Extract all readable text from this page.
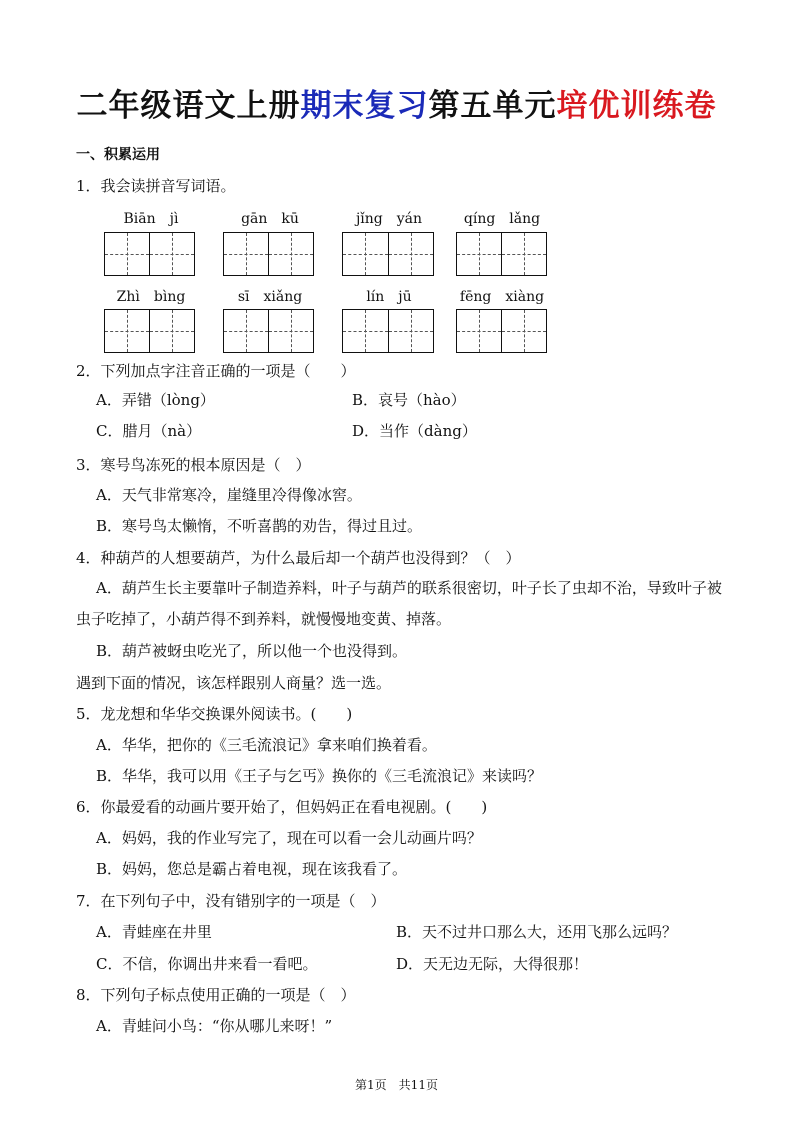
二年级语文上册期末复习第五单元培优训练卷
一、积累运用
1．我会读拼音写词语。
Biān　jì	gān　kū	jǐng　yán	qíng　lǎng
Zhì　bìng	sī　xiǎng	lín　jū	fēng　xiàng
2．下列加点字注音正确的一项是（　　）
A．弄错（lòng）	B．哀号（hào）
C．腊月（nà）	D．当作（dàng）
3．寒号鸟冻死的根本原因是（　）
A．天气非常寒冷，崖缝里冷得像冰窖。
B．寒号鸟太懒惰，不听喜鹊的劝告，得过且过。
4．种葫芦的人想要葫芦，为什么最后却一个葫芦也没得到？（　）
A．葫芦生长主要靠叶子制造养料，叶子与葫芦的联系很密切，叶子长了虫却不治，导致叶子被虫子吃掉了，小葫芦得不到养料，就慢慢地变黄、掉落。
B．葫芦被蚜虫吃光了，所以他一个也没得到。
遇到下面的情况，该怎样跟别人商量？选一选。
5．龙龙想和华华交换课外阅读书。(　　)
A．华华，把你的《三毛流浪记》拿来咱们换着看。
B．华华，我可以用《王子与乞丐》换你的《三毛流浪记》来读吗？
6．你最爱看的动画片要开始了，但妈妈正在看电视剧。(　　)
A．妈妈，我的作业写完了，现在可以看一会儿动画片吗？
B．妈妈，您总是霸占着电视，现在该我看了。
7．在下列句子中，没有错别字的一项是（　）
A．青蛙座在井里	B．天不过井口那么大，还用飞那么远吗？
C．不信，你调出井来看一看吧。	D．天无边无际，大得很那！
8．下列句子标点使用正确的一项是（　）
A．青蛙问小鸟：“你从哪儿来呀！”
第1页　共11页
